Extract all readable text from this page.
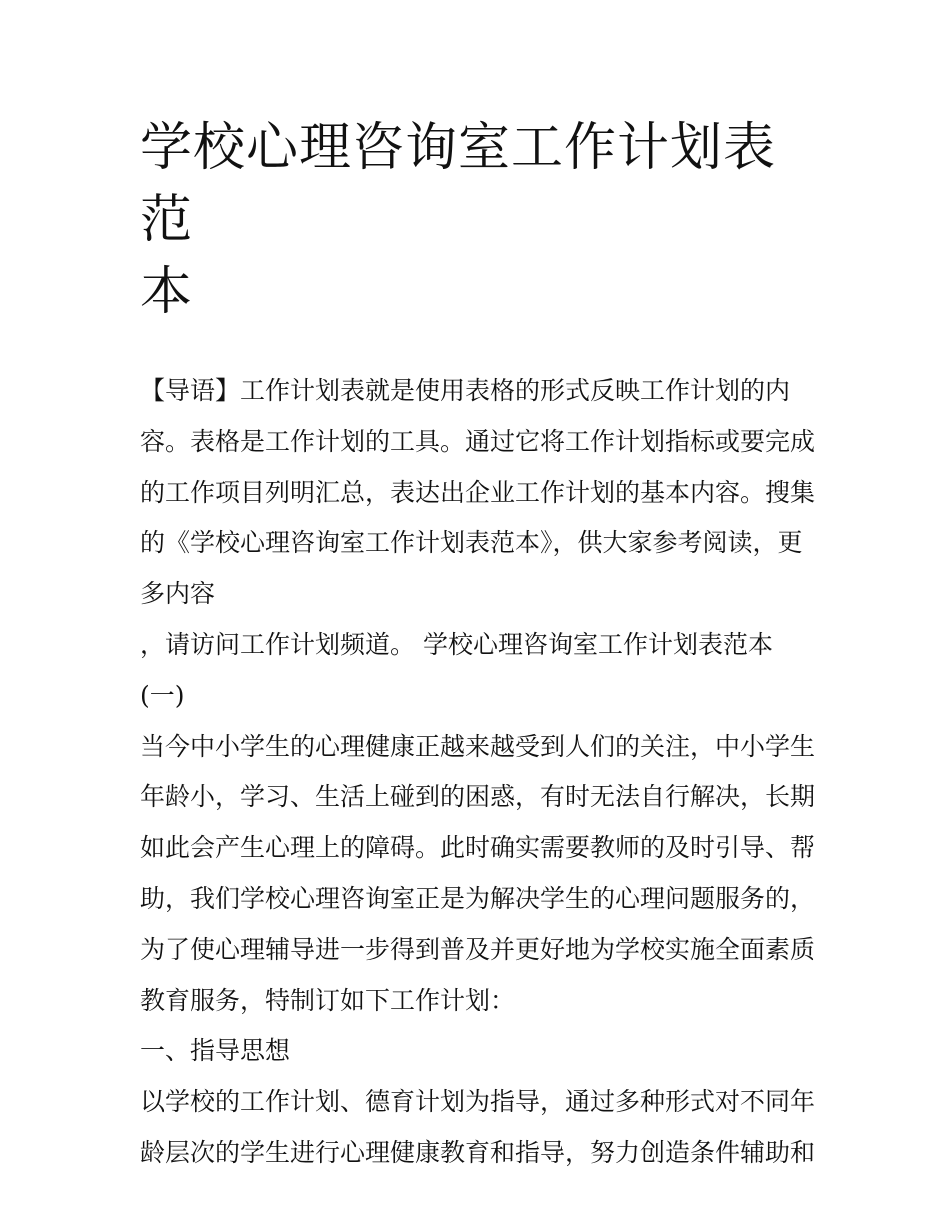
学校心理咨询室工作计划表范
本
【导语】工作计划表就是使用表格的形式反映工作计划的内
容。表格是工作计划的工具。通过它将工作计划指标或要完成
的工作项目列明汇总，表达出企业工作计划的基本内容。搜集
的《学校心理咨询室工作计划表范本》，供大家参考阅读，更
多内容
，请访问工作计划频道。 学校心理咨询室工作计划表范本
(一)
当今中小学生的心理健康正越来越受到人们的关注，中小学生
年龄小，学习、生活上碰到的困惑，有时无法自行解决，长期
如此会产生心理上的障碍。此时确实需要教师的及时引导、帮
助，我们学校心理咨询室正是为解决学生的心理问题服务的，
为了使心理辅导进一步得到普及并更好地为学校实施全面素质
教育服务，特制订如下工作计划：
一、指导思想
以学校的工作计划、德育计划为指导，通过多种形式对不同年
龄层次的学生进行心理健康教育和指导，努力创造条件辅助和
